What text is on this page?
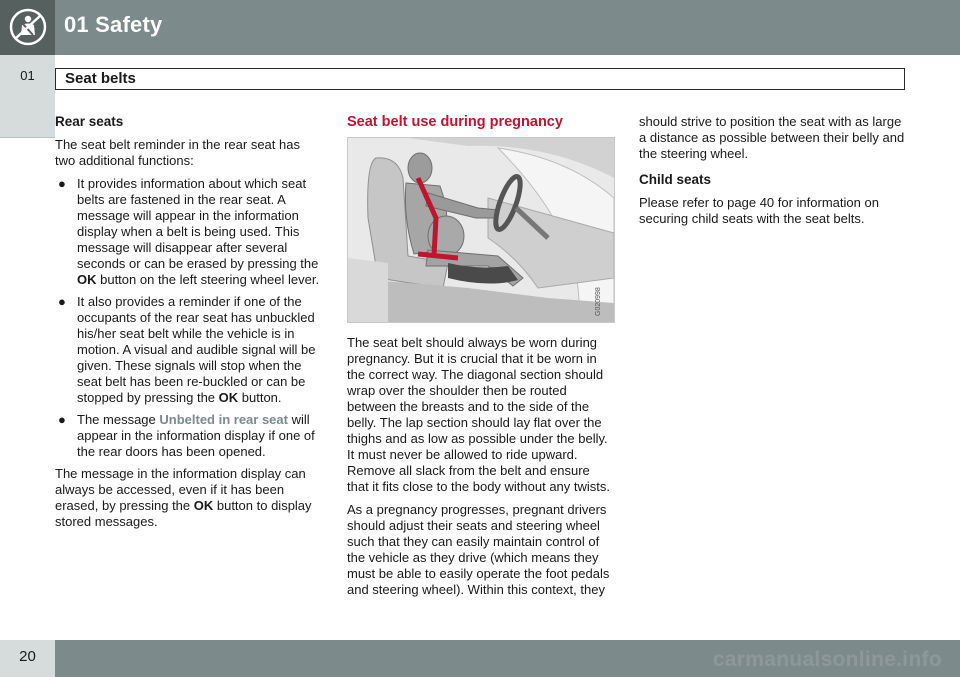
01 Safety
01	Seat belts

Rear seats

The seat belt reminder in the rear seat has two additional functions:

● It provides information about which seat belts are fastened in the rear seat. A message will appear in the information display when a belt is being used. This message will disappear after several seconds or can be erased by pressing the OK button on the left steering wheel lever.
● It also provides a reminder if one of the occupants of the rear seat has unbuckled his/her seat belt while the vehicle is in motion. A visual and audible signal will be given. These signals will stop when the seat belt has been re-buckled or can be stopped by pressing the OK button.
● The message Unbelted in rear seat will appear in the information display if one of the rear doors has been opened.

The message in the information display can always be accessed, even if it has been erased, by pressing the OK button to display stored messages.

Seat belt use during pregnancy

G020998

The seat belt should always be worn during pregnancy. But it is crucial that it be worn in the correct way. The diagonal section should wrap over the shoulder then be routed between the breasts and to the side of the belly. The lap section should lay flat over the thighs and as low as possible under the belly. It must never be allowed to ride upward. Remove all slack from the belt and ensure that it fits close to the body without any twists.

As a pregnancy progresses, pregnant drivers should adjust their seats and steering wheel such that they can easily maintain control of the vehicle as they drive (which means they must be able to easily operate the foot pedals and steering wheel). Within this context, they

should strive to position the seat with as large a distance as possible between their belly and the steering wheel.

Child seats

Please refer to page 40 for information on securing child seats with the seat belts.

20	carmanualsonline.info
